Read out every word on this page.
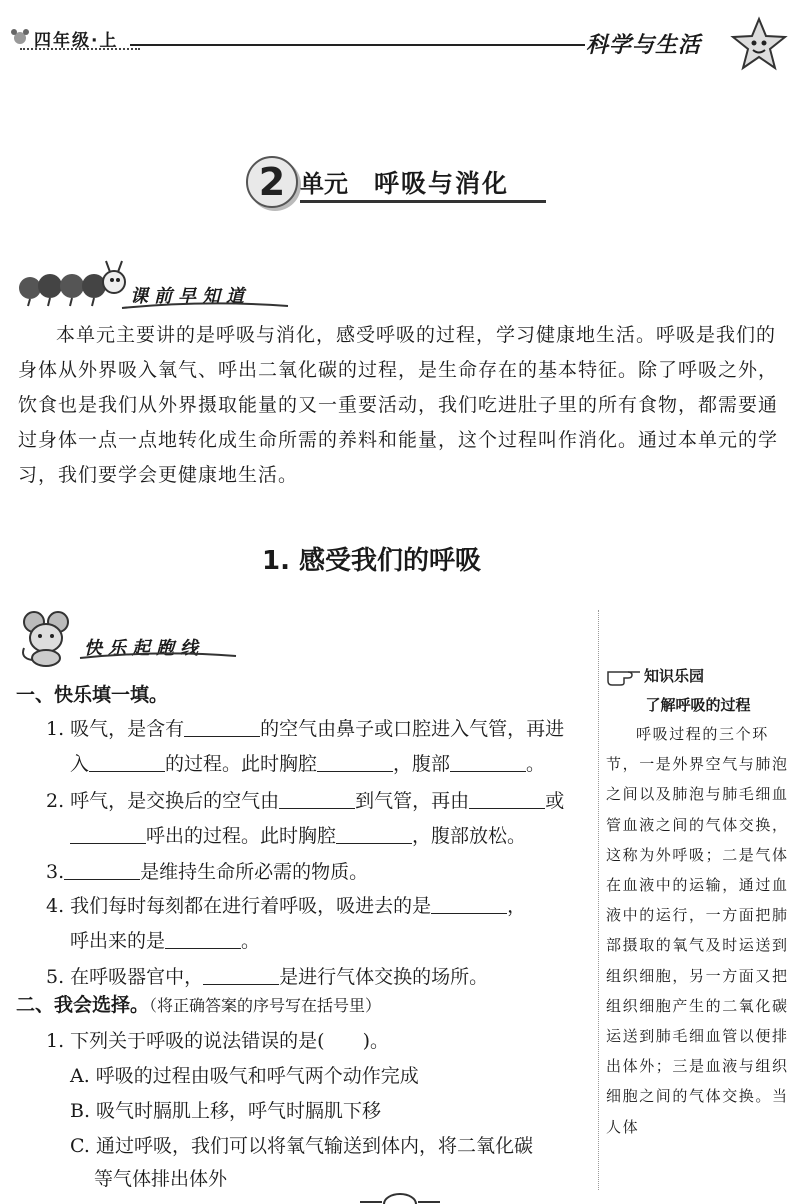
四年级·上	科学与生活
2 单元 呼吸与消化
课前早知道
本单元主要讲的是呼吸与消化，感受呼吸的过程，学习健康地生活。呼吸是我们的身体从外界吸入氧气、呼出二氧化碳的过程，是生命存在的基本特征。除了呼吸之外，饮食也是我们从外界摄取能量的又一重要活动，我们吃进肚子里的所有食物，都需要通过身体一点一点地转化成生命所需的养料和能量，这个过程叫作消化。通过本单元的学习，我们要学会更健康地生活。
1. 感受我们的呼吸
快乐起跑线
一、快乐填一填。
1. 吸气，是含有	的空气由鼻子或口腔进入气管，再进
入	的过程。此时胸腔	，腹部	。
2. 呼气，是交换后的空气由	到气管，再由	或
呼出的过程。此时胸腔	，腹部放松。
3.	是维持生命所必需的物质。
4. 我们每时每刻都在进行着呼吸，吸进去的是	，
呼出来的是	。
5. 在呼吸器官中，	是进行气体交换的场所。
二、我会选择。（将正确答案的序号写在括号里）
1. 下列关于呼吸的说法错误的是(　　)。
A. 呼吸的过程由吸气和呼气两个动作完成
B. 吸气时膈肌上移，呼气时膈肌下移
C. 通过呼吸，我们可以将氧气输送到体内，将二氧化碳
等气体排出体外
知识乐园
了解呼吸的过程
呼吸过程的三个环节，一是外界空气与肺泡之间以及肺泡与肺毛细血管血液之间的气体交换，这称为外呼吸；二是气体在血液中的运输，通过血液中的运行，一方面把肺部摄取的氧气及时运送到组织细胞，另一方面又把组织细胞产生的二氧化碳运送到肺毛细血管以便排出体外；三是血液与组织细胞之间的气体交换。当人体
